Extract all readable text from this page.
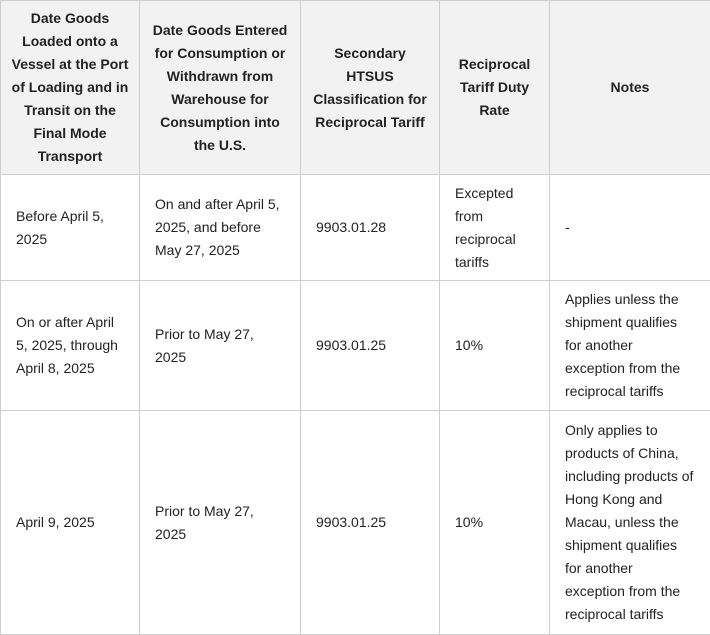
Date Goods Loaded onto a Vessel at the Port of Loading and in Transit on the Final Mode Transport	Date Goods Entered for Consumption or Withdrawn from Warehouse for Consumption into the U.S.	Secondary HTSUS Classification for Reciprocal Tariff	Reciprocal Tariff Duty Rate	Notes
Before April 5, 2025	On and after April 5, 2025, and before May 27, 2025	9903.01.28	Excepted from reciprocal tariffs	-
On or after April 5, 2025, through April 8, 2025	Prior to May 27, 2025	9903.01.25	10%	Applies unless the shipment qualifies for another exception from the reciprocal tariffs
April 9, 2025	Prior to May 27, 2025	9903.01.25	10%	Only applies to products of China, including products of Hong Kong and Macau, unless the shipment qualifies for another exception from the reciprocal tariffs
